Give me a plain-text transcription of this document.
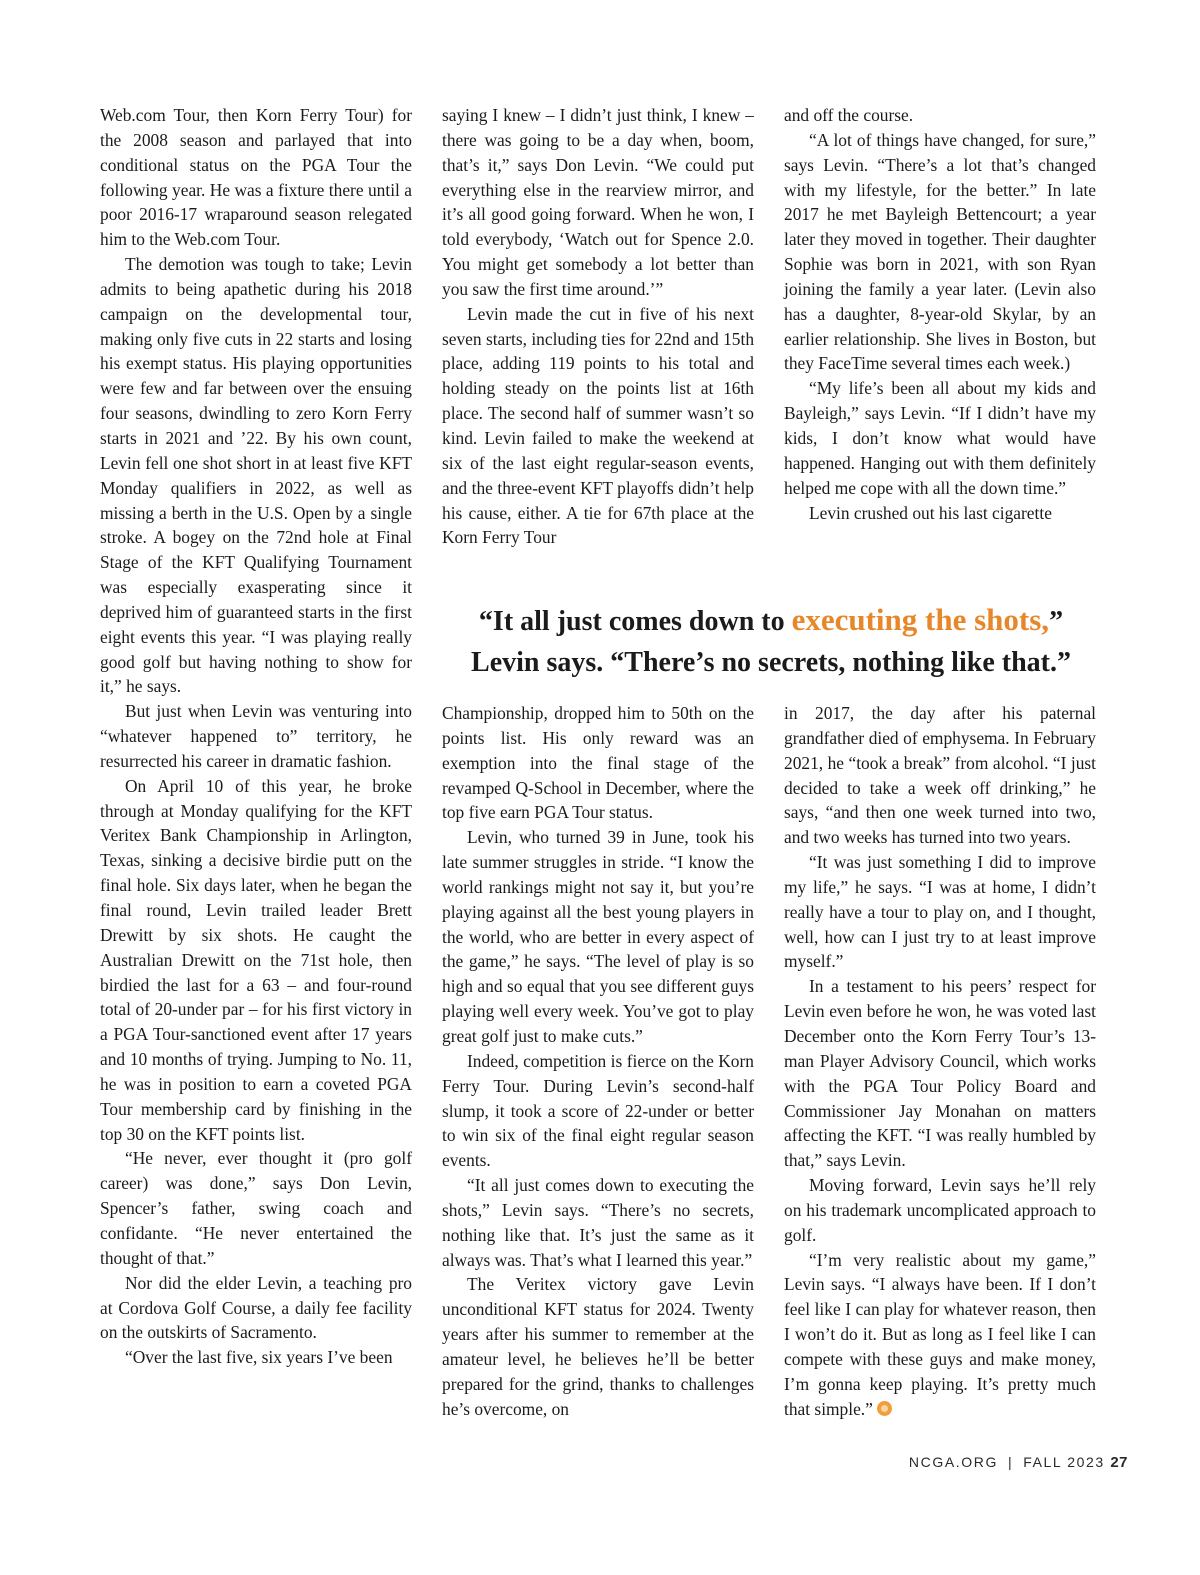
Web.com Tour, then Korn Ferry Tour) for the 2008 season and parlayed that into conditional status on the PGA Tour the following year. He was a fixture there until a poor 2016-17 wraparound season relegated him to the Web.com Tour.

The demotion was tough to take; Levin admits to being apathetic during his 2018 campaign on the developmental tour, making only five cuts in 22 starts and losing his exempt status. His playing opportunities were few and far between over the ensuing four seasons, dwindling to zero Korn Ferry starts in 2021 and ’22. By his own count, Levin fell one shot short in at least five KFT Monday qualifiers in 2022, as well as missing a berth in the U.S. Open by a single stroke. A bogey on the 72nd hole at Final Stage of the KFT Qualifying Tournament was especially exasperating since it deprived him of guaranteed starts in the first eight events this year. “I was playing really good golf but having nothing to show for it,” he says.

But just when Levin was venturing into “whatever happened to” territory, he resurrected his career in dramatic fashion.

On April 10 of this year, he broke through at Monday qualifying for the KFT Veritex Bank Championship in Arlington, Texas, sinking a decisive birdie putt on the final hole. Six days later, when he began the final round, Levin trailed leader Brett Drewitt by six shots. He caught the Australian Drewitt on the 71st hole, then birdied the last for a 63 – and four-round total of 20-under par – for his first victory in a PGA Tour-sanctioned event after 17 years and 10 months of trying. Jumping to No. 11, he was in position to earn a coveted PGA Tour membership card by finishing in the top 30 on the KFT points list.

“He never, ever thought it (pro golf career) was done,” says Don Levin, Spencer’s father, swing coach and confidante. “He never entertained the thought of that.”

Nor did the elder Levin, a teaching pro at Cordova Golf Course, a daily fee facility on the outskirts of Sacramento.

“Over the last five, six years I’ve been

saying I knew – I didn’t just think, I knew – there was going to be a day when, boom, that’s it,” says Don Levin. “We could put everything else in the rearview mirror, and it’s all good going forward. When he won, I told everybody, ‘Watch out for Spence 2.0. You might get somebody a lot better than you saw the first time around.’”

Levin made the cut in five of his next seven starts, including ties for 22nd and 15th place, adding 119 points to his total and holding steady on the points list at 16th place. The second half of summer wasn’t so kind. Levin failed to make the weekend at six of the last eight regular-season events, and the three-event KFT playoffs didn’t help his cause, either. A tie for 67th place at the Korn Ferry Tour

and off the course.

“A lot of things have changed, for sure,” says Levin. “There’s a lot that’s changed with my lifestyle, for the better.” In late 2017 he met Bayleigh Bettencourt; a year later they moved in together. Their daughter Sophie was born in 2021, with son Ryan joining the family a year later. (Levin also has a daughter, 8-year-old Skylar, by an earlier relationship. She lives in Boston, but they FaceTime several times each week.)

“My life’s been all about my kids and Bayleigh,” says Levin. “If I didn’t have my kids, I don’t know what would have happened. Hanging out with them definitely helped me cope with all the down time.”

Levin crushed out his last cigarette

“It all just comes down to executing the shots,”
Levin says. “There’s no secrets, nothing like that.”

Championship, dropped him to 50th on the points list. His only reward was an exemption into the final stage of the revamped Q-School in December, where the top five earn PGA Tour status.

Levin, who turned 39 in June, took his late summer struggles in stride. “I know the world rankings might not say it, but you’re playing against all the best young players in the world, who are better in every aspect of the game,” he says. “The level of play is so high and so equal that you see different guys playing well every week. You’ve got to play great golf just to make cuts.”

Indeed, competition is fierce on the Korn Ferry Tour. During Levin’s second-half slump, it took a score of 22-under or better to win six of the final eight regular season events.

“It all just comes down to executing the shots,” Levin says. “There’s no secrets, nothing like that. It’s just the same as it always was. That’s what I learned this year.”

The Veritex victory gave Levin unconditional KFT status for 2024. Twenty years after his summer to remember at the amateur level, he believes he’ll be better prepared for the grind, thanks to challenges he’s overcome, on

in 2017, the day after his paternal grandfather died of emphysema. In February 2021, he “took a break” from alcohol. “I just decided to take a week off drinking,” he says, “and then one week turned into two, and two weeks has turned into two years.

“It was just something I did to improve my life,” he says. “I was at home, I didn’t really have a tour to play on, and I thought, well, how can I just try to at least improve myself.”

In a testament to his peers’ respect for Levin even before he won, he was voted last December onto the Korn Ferry Tour’s 13-man Player Advisory Council, which works with the PGA Tour Policy Board and Commissioner Jay Monahan on matters affecting the KFT. “I was really humbled by that,” says Levin.

Moving forward, Levin says he’ll rely on his trademark uncomplicated approach to golf.

“I’m very realistic about my game,” Levin says. “I always have been. If I don’t feel like I can play for whatever reason, then I won’t do it. But as long as I feel like I can compete with these guys and make money, I’m gonna keep playing. It’s pretty much that simple.”

NCGA.ORG | FALL 2023 27
